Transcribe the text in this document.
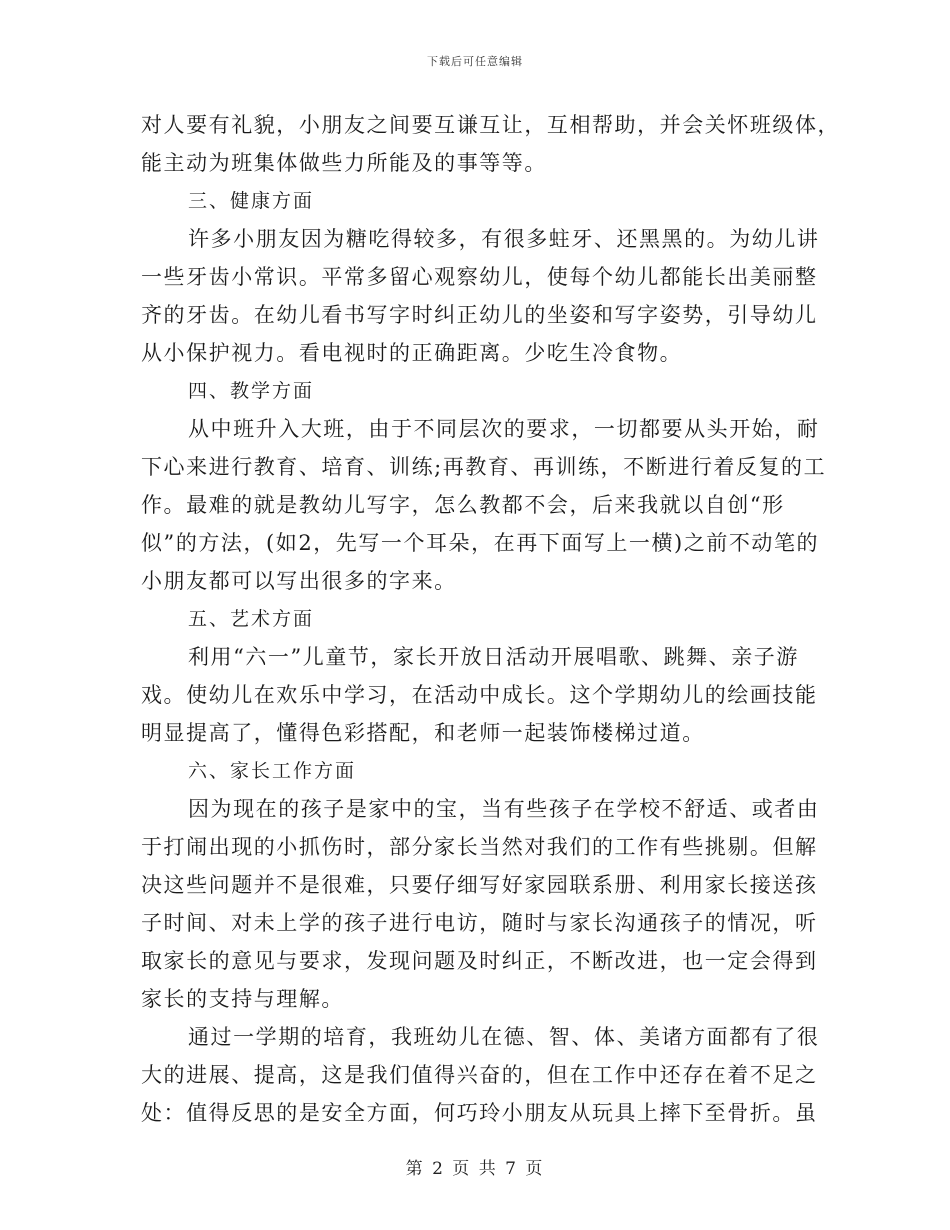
下载后可任意编辑
对人要有礼貌，小朋友之间要互谦互让，互相帮助，并会关怀班级体，
能主动为班集体做些力所能及的事等等。
三、健康方面
许多小朋友因为糖吃得较多，有很多蛀牙、还黑黑的。为幼儿讲
一些牙齿小常识。平常多留心观察幼儿，使每个幼儿都能长出美丽整
齐的牙齿。在幼儿看书写字时纠正幼儿的坐姿和写字姿势，引导幼儿
从小保护视力。看电视时的正确距离。少吃生冷食物。
四、教学方面
从中班升入大班，由于不同层次的要求，一切都要从头开始，耐
下心来进行教育、培育、训练;再教育、再训练，不断进行着反复的工
作。最难的就是教幼儿写字，怎么教都不会，后来我就以自创“形
似”的方法，(如2，先写一个耳朵，在再下面写上一横)之前不动笔的
小朋友都可以写出很多的字来。
五、艺术方面
利用“六一”儿童节，家长开放日活动开展唱歌、跳舞、亲子游
戏。使幼儿在欢乐中学习，在活动中成长。这个学期幼儿的绘画技能
明显提高了，懂得色彩搭配，和老师一起装饰楼梯过道。
六、家长工作方面
因为现在的孩子是家中的宝，当有些孩子在学校不舒适、或者由
于打闹出现的小抓伤时，部分家长当然对我们的工作有些挑剔。但解
决这些问题并不是很难，只要仔细写好家园联系册、利用家长接送孩
子时间、对未上学的孩子进行电访，随时与家长沟通孩子的情况，听
取家长的意见与要求，发现问题及时纠正，不断改进，也一定会得到
家长的支持与理解。
通过一学期的培育，我班幼儿在德、智、体、美诸方面都有了很
大的进展、提高，这是我们值得兴奋的，但在工作中还存在着不足之
处：值得反思的是安全方面，何巧玲小朋友从玩具上摔下至骨折。虽
第 2 页 共 7 页
